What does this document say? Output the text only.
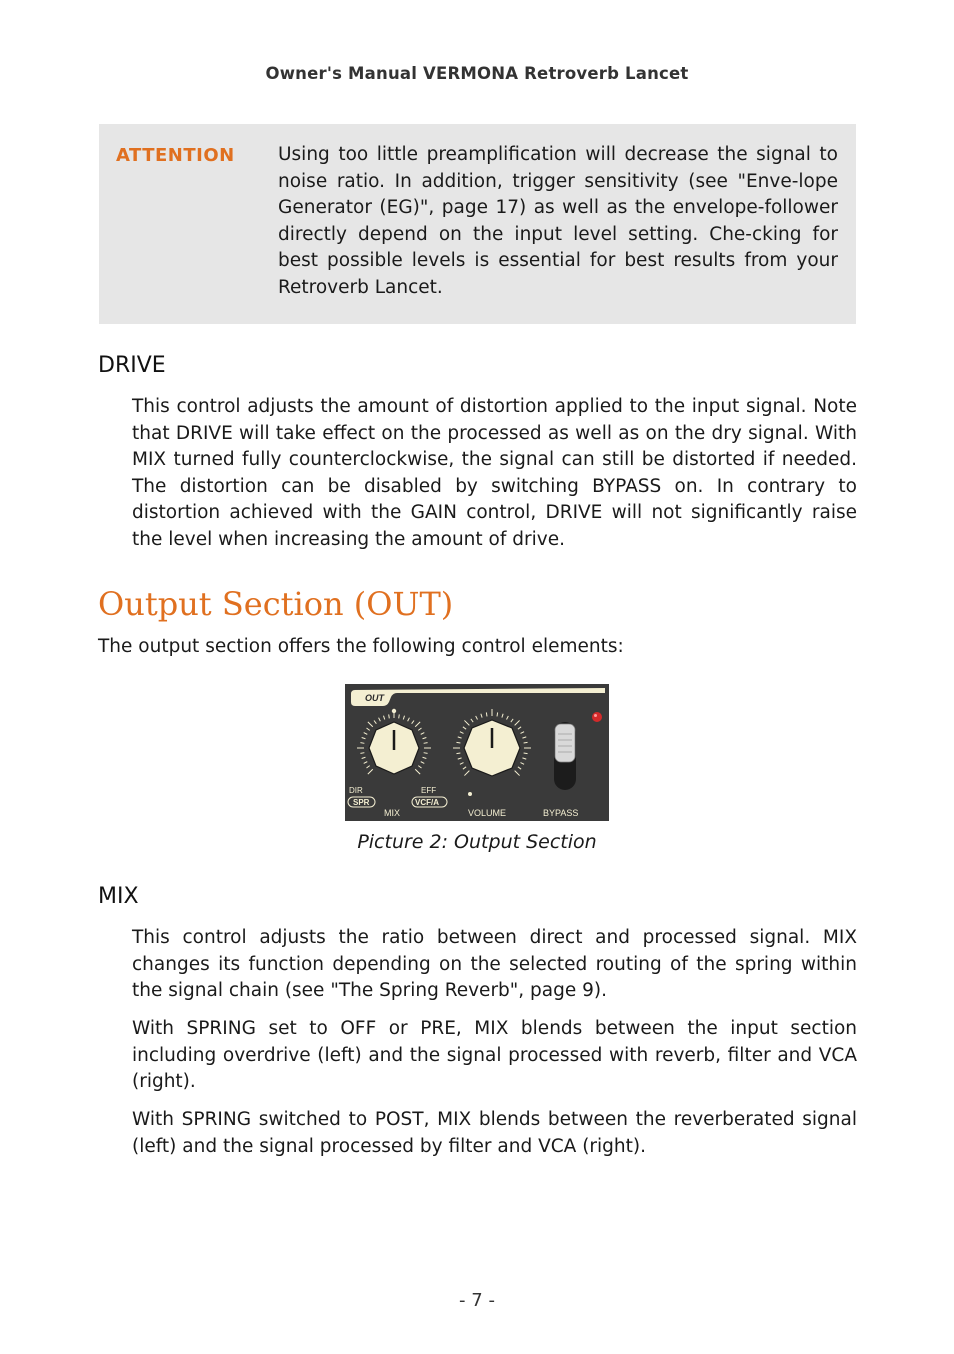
Owner's Manual VERMONA Retroverb Lancet
ATTENTION Using too little preamplification will decrease the signal to noise ratio. In addition, trigger sensitivity (see "Enve-lope Generator (EG)", page 17) as well as the envelope-follower directly depend on the input level setting. Che-cking for best possible levels is essential for best results from your Retroverb Lancet.
DRIVE
This control adjusts the amount of distortion applied to the input signal. Note that DRIVE will take effect on the processed as well as on the dry signal. With MIX turned fully counterclockwise, the signal can still be distorted if needed. The distortion can be disabled by switching BYPASS on. In contrary to distortion achieved with the GAIN control, DRIVE will not significantly raise the level when increasing the amount of drive.
Output Section (OUT)
The output section offers the following control elements:
OUT
DIR
SPR
EFF
VCF/A
MIX	VOLUME	BYPASS
Picture 2: Output Section
MIX
This control adjusts the ratio between direct and processed signal. MIX changes its function depending on the selected routing of the spring within the signal chain (see "The Spring Reverb", page 9).
With SPRING set to OFF or PRE, MIX blends between the input section including overdrive (left) and the signal processed with reverb, filter and VCA (right).
With SPRING switched to POST, MIX blends between the reverberated signal (left) and the signal processed by filter and VCA (right).
- 7 -
